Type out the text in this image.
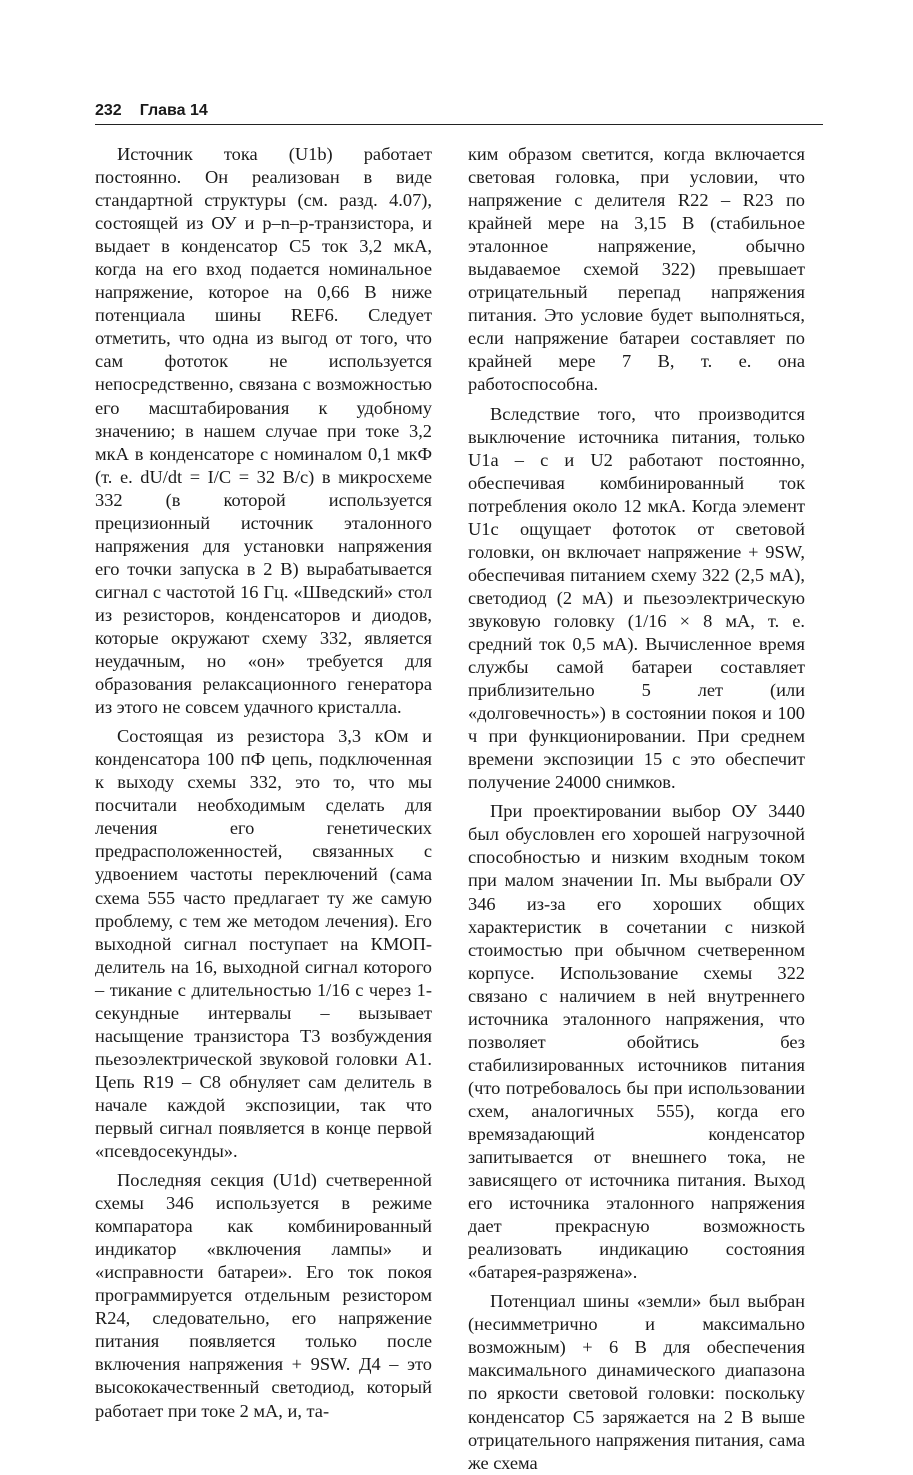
232 Глава 14

Источник тока (U1b) работает постоянно. Он реализован в виде стандартной структуры (см. разд. 4.07), состоящей из ОУ и p–n–p-транзистора, и выдает в конденсатор C5 ток 3,2 мкА, когда на его вход подается номинальное напряжение, которое на 0,66 В ниже потенциала шины REF6. Следует отметить, что одна из выгод от того, что сам фототок не используется непосредственно, связана с возможностью его масштабирования к удобному значению; в нашем случае при токе 3,2 мкА в конденсаторе с номиналом 0,1 мкФ (т. е. dU/dt = I/C = 32 В/с) в микросхеме 332 (в которой используется прецизионный источник эталонного напряжения для установки напряжения его точки запуска в 2 В) вырабатывается сигнал с частотой 16 Гц. «Шведский» стол из резисторов, конденсаторов и диодов, которые окружают схему 332, является неудачным, но «он» требуется для образования релаксационного генератора из этого не совсем удачного кристалла.

Состоящая из резистора 3,3 кОм и конденсатора 100 пФ цепь, подключенная к выходу схемы 332, это то, что мы посчитали необходимым сделать для лечения его генетических предрасположенностей, связанных с удвоением частоты переключений (сама схема 555 часто предлагает ту же самую проблему, с тем же методом лечения). Его выходной сигнал поступает на КМОП-делитель на 16, выходной сигнал которого – тикание с длительностью 1/16 с через 1-секундные интервалы – вызывает насыщение транзистора T3 возбуждения пьезоэлектрической звуковой головки A1. Цепь R19 – C8 обнуляет сам делитель в начале каждой экспозиции, так что первый сигнал появляется в конце первой «псевдосекунды».

Последняя секция (U1d) счетверенной схемы 346 используется в режиме компаратора как комбинированный индикатор «включения лампы» и «исправности батареи». Его ток покоя программируется отдельным резистором R24, следовательно, его напряжение питания появляется только после включения напряжения + 9SW. Д4 – это высококачественный светодиод, который работает при токе 2 мА, и, та-

ким образом светится, когда включается световая головка, при условии, что напряжение с делителя R22 – R23 по крайней мере на 3,15 В (стабильное эталонное напряжение, обычно выдаваемое схемой 322) превышает отрицательный перепад напряжения питания. Это условие будет выполняться, если напряжение батареи составляет по крайней мере 7 В, т. е. она работоспособна.

Вследствие того, что производится выключение источника питания, только U1a – c и U2 работают постоянно, обеспечивая комбинированный ток потребления около 12 мкА. Когда элемент U1c ощущает фототок от световой головки, он включает напряжение + 9SW, обеспечивая питанием схему 322 (2,5 мА), светодиод (2 мА) и пьезоэлектрическую звуковую головку (1/16 × 8 мА, т. е. средний ток 0,5 мА). Вычисленное время службы самой батареи составляет приблизительно 5 лет (или «долговечность») в состоянии покоя и 100 ч при функционировании. При среднем времени экспозиции 15 с это обеспечит получение 24000 снимков.

При проектировании выбор ОУ 3440 был обусловлен его хорошей нагрузочной способностью и низким входным током при малом значении Iп. Мы выбрали ОУ 346 из-за его хороших общих характеристик в сочетании с низкой стоимостью при обычном счетверенном корпусе. Использование схемы 322 связано с наличием в ней внутреннего источника эталонного напряжения, что позволяет обойтись без стабилизированных источников питания (что потребовалось бы при использовании схем, аналогичных 555), когда его времязадающий конденсатор запитывается от внешнего тока, не зависящего от источника питания. Выход его источника эталонного напряжения дает прекрасную возможность реализовать индикацию состояния «батарея-разряжена».

Потенциал шины «земли» был выбран (несимметрично и максимально возможным) + 6 В для обеспечения максимального динамического диапазона по яркости световой головки: поскольку конденсатор C5 заряжается на 2 В выше отрицательного напряжения питания, сама же схема
